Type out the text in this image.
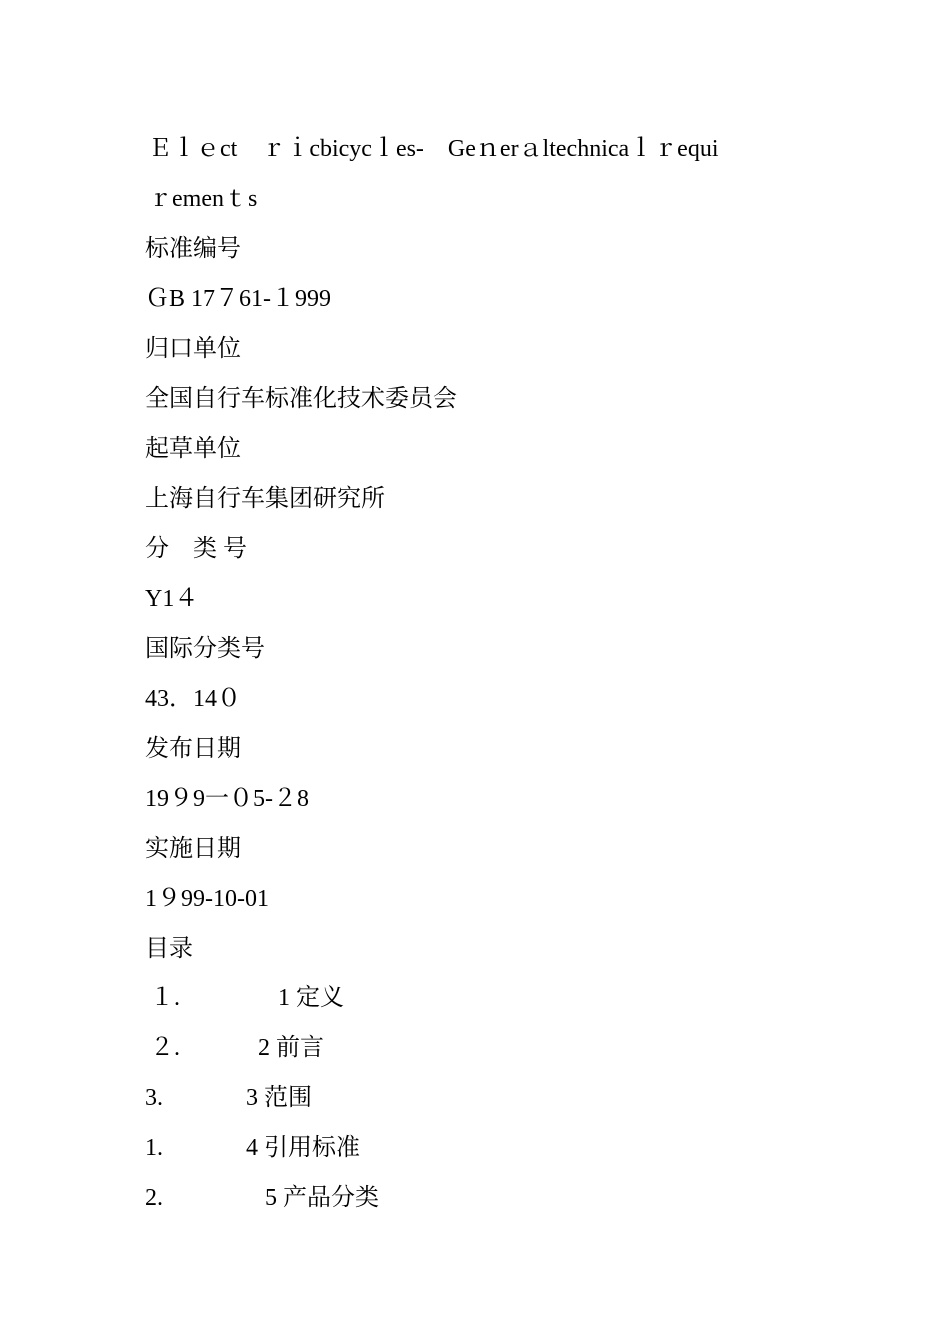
Ｅｌｅct　ｒｉcbicycｌes-　Geｎerａltechnicaｌｒequi
ｒemenｔs
标准编号
ＧB 17７61-１999
归口单位
全国自行车标准化技术委员会
起草单位
上海自行车集团研究所
分　类 号
Y1４
国际分类号
43．14０
发布日期
19９9一０5-２8
实施日期
1９99-10-01
目录
１.	1 定义
２.	2 前言
3.	3 范围
1.	4 引用标准
2.	5 产品分类
